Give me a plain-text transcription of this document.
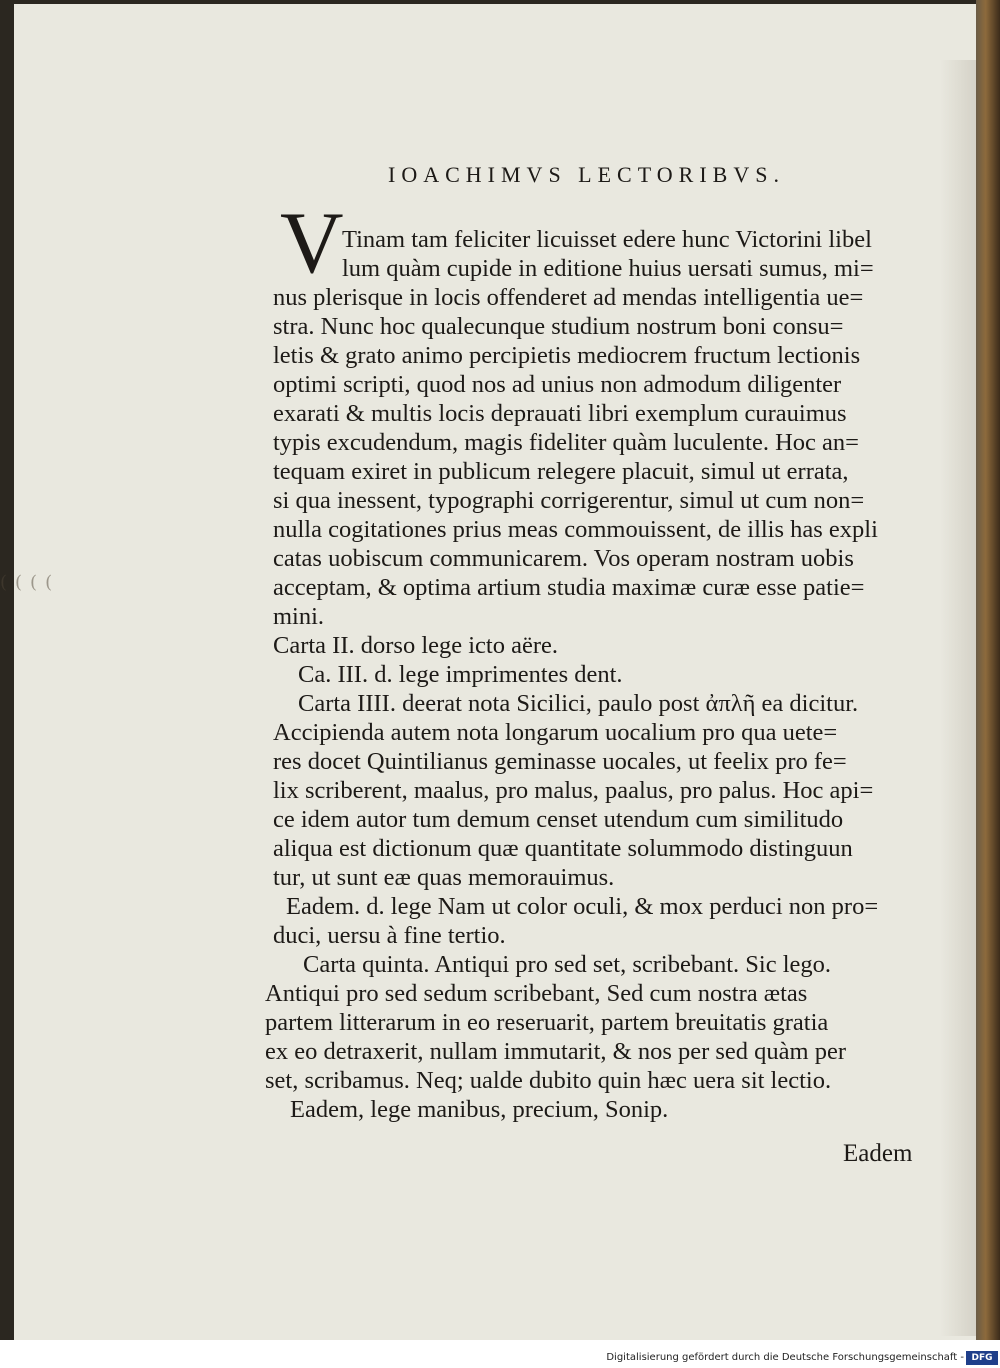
((((
IOACHIMVS LECTORIBVS.
V
Tinam tam feliciter licuisset edere hunc Victorini libel
lum quàm cupide in editione huius uersati sumus, mi=
nus plerisque in locis offenderet ad mendas intelligentia ue=
stra. Nunc hoc qualecunque studium nostrum boni consu=
letis & grato animo percipietis mediocrem fructum lectionis
optimi scripti, quod nos ad unius non admodum diligenter
exarati & multis locis deprauati libri exemplum curauimus
typis excudendum, magis fideliter quàm luculente. Hoc an=
tequam exiret in publicum relegere placuit, simul ut errata,
si qua inessent, typographi corrigerentur, simul ut cum non=
nulla cogitationes prius meas commouissent, de illis has expli
catas uobiscum communicarem. Vos operam nostram uobis
acceptam, & optima artium studia maximæ curæ esse patie=
mini.
Carta II. dorso lege icto aëre.
Ca. III. d. lege imprimentes dent.
Carta IIII. deerat nota Sicilici, paulo post ἀπλῆ ea dicitur.
Accipienda autem nota longarum uocalium pro qua uete=
res docet Quintilianus geminasse uocales, ut feelix pro fe=
lix scriberent, maalus, pro malus, paalus, pro palus. Hoc api=
ce idem autor tum demum censet utendum cum similitudo
aliqua est dictionum quæ quantitate solummodo distinguun
tur, ut sunt eæ quas memorauimus.
Eadem. d. lege Nam ut color oculi, & mox perduci non pro=
duci, uersu à fine tertio.
Carta quinta. Antiqui pro sed set, scribebant. Sic lego.
Antiqui pro sed sedum scribebant, Sed cum nostra ætas
partem litterarum in eo reseruarit, partem breuitatis gratia
ex eo detraxerit, nullam immutarit, & nos per sed quàm per
set, scribamus. Neq; ualde dubito quin hæc uera sit lectio.
Eadem, lege manibus, precium, Sonip.
Eadem
Digitalisierung gefördert durch die Deutsche Forschungsgemeinschaft - DFG
